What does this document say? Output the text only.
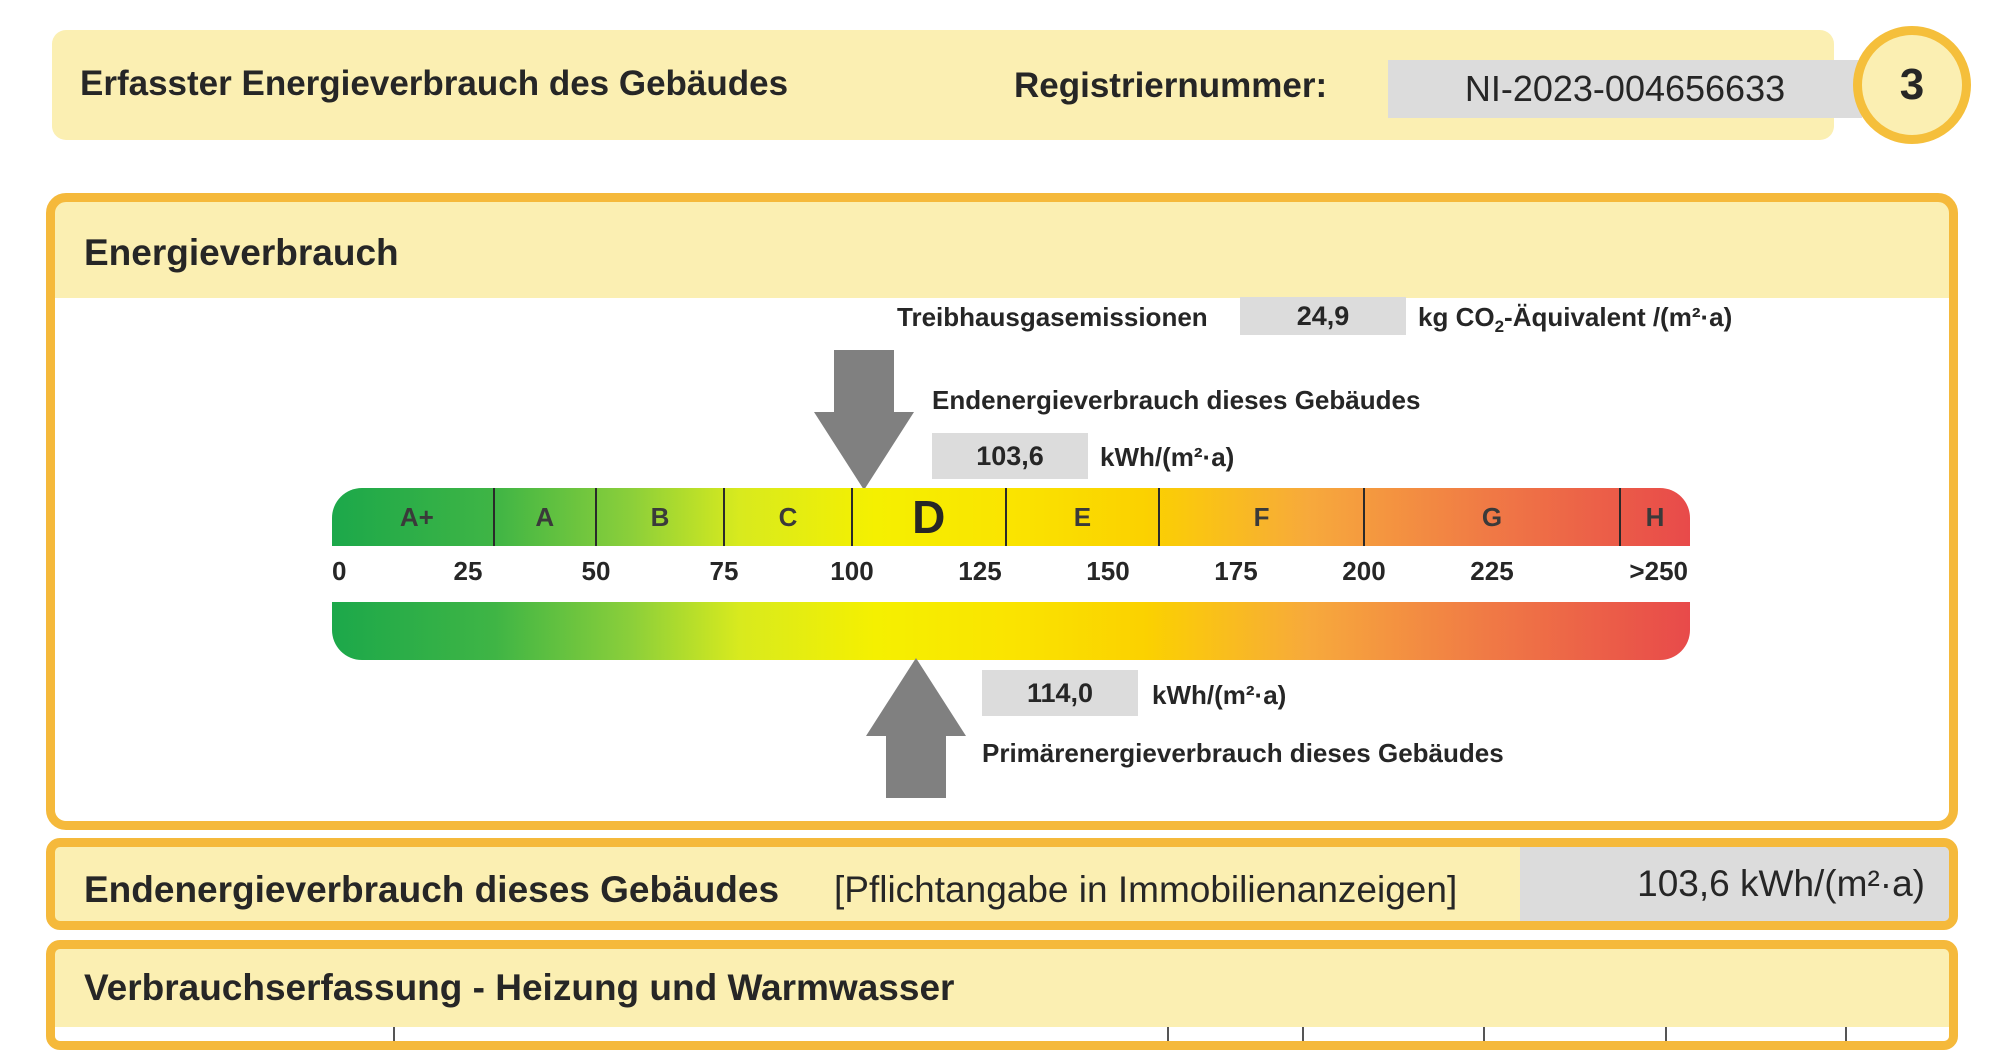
Erfasster Energieverbrauch des Gebäudes	Registriernummer:	NI-2023-004656633	3
Energieverbrauch
Treibhausgasemissionen	24,9	kg $CO_2$-Äquivalent /(m²·a)
Endenergieverbrauch dieses Gebäudes
103,6	kWh/(m²·a)
A+	A	B	C D	E	F	G	H
0	25	50	75	100	125	150	175	200	225	>250
114,0	kWh/(m²·a)
Primärenergieverbrauch dieses Gebäudes
Endenergieverbrauch dieses Gebäudes [Pflichtangabe in Immobilienanzeigen]	103,6 kWh/(m²·a)
Verbrauchserfassung - Heizung und Warmwasser
